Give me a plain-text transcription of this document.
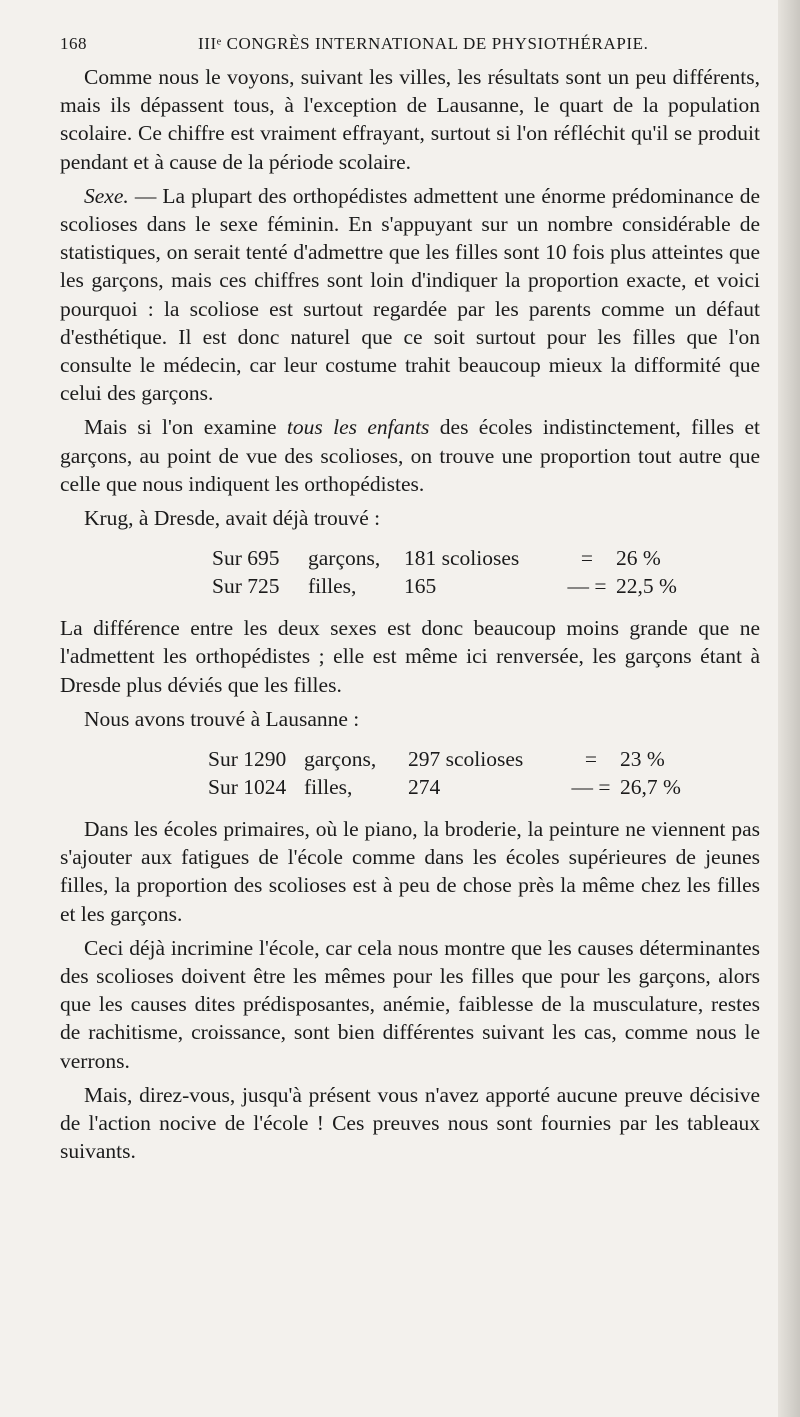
168	IIIᵉ CONGRÈS INTERNATIONAL DE PHYSIOTHÉRAPIE.

Comme nous le voyons, suivant les villes, les résultats sont un peu différents, mais ils dépassent tous, à l'exception de Lausanne, le quart de la population scolaire. Ce chiffre est vraiment effrayant, surtout si l'on réfléchit qu'il se produit pendant et à cause de la période scolaire.

Sexe. — La plupart des orthopédistes admettent une énorme prédominance de scolioses dans le sexe féminin. En s'appuyant sur un nombre considérable de statistiques, on serait tenté d'admettre que les filles sont 10 fois plus atteintes que les garçons, mais ces chiffres sont loin d'indiquer la proportion exacte, et voici pourquoi : la scoliose est surtout regardée par les parents comme un défaut d'esthétique. Il est donc naturel que ce soit surtout pour les filles que l'on consulte le médecin, car leur costume trahit beaucoup mieux la difformité que celui des garçons.

Mais si l'on examine tous les enfants des écoles indistinctement, filles et garçons, au point de vue des scolioses, on trouve une proportion tout autre que celle que nous indiquent les orthopédistes.

Krug, à Dresde, avait déjà trouvé :

Sur 695	garçons,	181 scolioses	=	26 %
Sur 725	filles,	165	— = 22,5 %

La différence entre les deux sexes est donc beaucoup moins grande que ne l'admettent les orthopédistes ; elle est même ici renversée, les garçons étant à Dresde plus déviés que les filles.

Nous avons trouvé à Lausanne :

Sur 1290 garçons,	297 scolioses	=	23 %
Sur 1024 filles,	274	— = 26,7 %

Dans les écoles primaires, où le piano, la broderie, la peinture ne viennent pas s'ajouter aux fatigues de l'école comme dans les écoles supérieures de jeunes filles, la proportion des scolioses est à peu de chose près la même chez les filles et les garçons.

Ceci déjà incrimine l'école, car cela nous montre que les causes déterminantes des scolioses doivent être les mêmes pour les filles que pour les garçons, alors que les causes dites prédisposantes, anémie, faiblesse de la musculature, restes de rachitisme, croissance, sont bien différentes suivant les cas, comme nous le verrons.

Mais, direz-vous, jusqu'à présent vous n'avez apporté aucune preuve décisive de l'action nocive de l'école ! Ces preuves nous sont fournies par les tableaux suivants.
